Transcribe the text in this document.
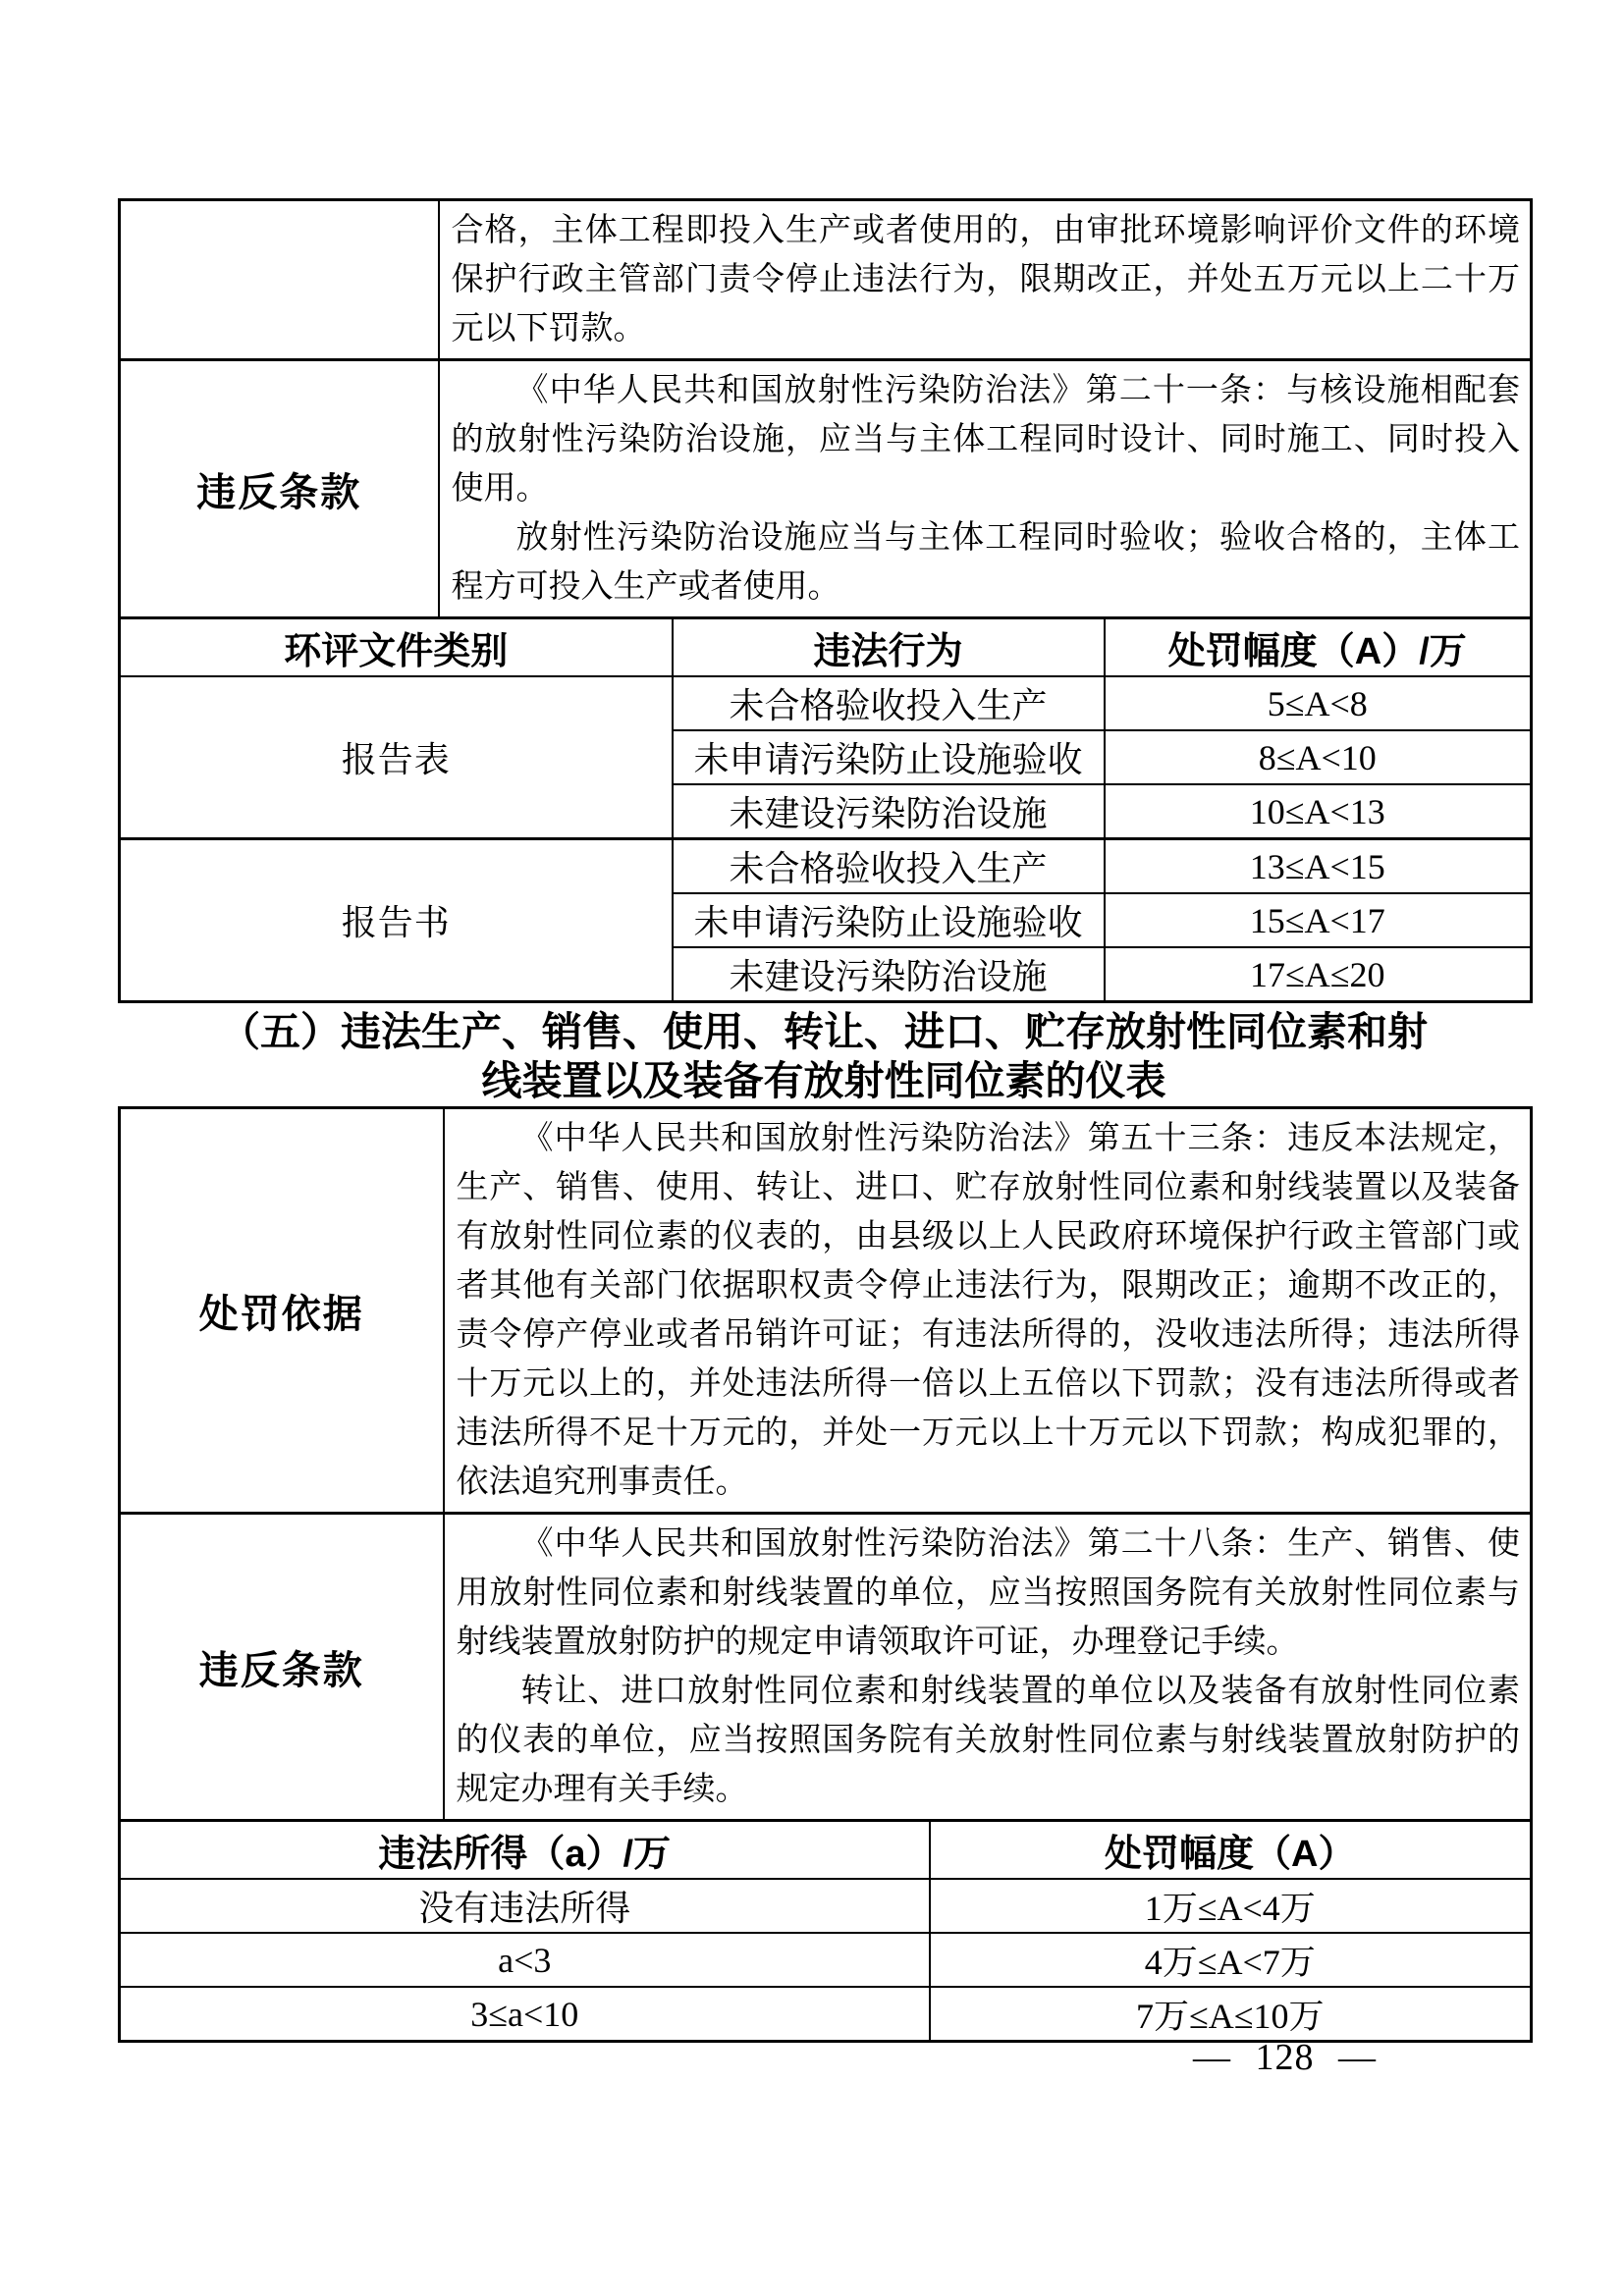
	合格，主体工程即投入生产或者使用的，由审批环境影响评价文件的环境保护行政主管部门责令停止违法行为，限期改正，并处五万元以上二十万元以下罚款。		

违反条款	《中华人民共和国放射性污染防治法》第二十一条：与核设施相配套的放射性污染防治设施，应当与主体工程同时设计、同时施工、同时投入使用。

放射性污染防治设施应当与主体工程同时验收；验收合格的，主体工程方可投入生产或者使用。		

环评文件类别		违法行为	处罚幅度（A）/万
报告表		未合格验收投入生产	5≤A<8
		未申请污染防止设施验收	8≤A<10
		未建设污染防治设施	10≤A<13
报告书		未合格验收投入生产	13≤A<15
		未申请污染防止设施验收	15≤A<17
		未建设污染防治设施	17≤A≤20
（五）违法生产、销售、使用、转让、进口、贮存放射性同位素和射
线装置以及装备有放射性同位素的仪表
处罚依据	《中华人民共和国放射性污染防治法》第五十三条：违反本法规定，生产、销售、使用、转让、进口、贮存放射性同位素和射线装置以及装备有放射性同位素的仪表的，由县级以上人民政府环境保护行政主管部门或者其他有关部门依据职权责令停止违法行为，限期改正；逾期不改正的，责令停产停业或者吊销许可证；有违法所得的，没收违法所得；违法所得十万元以上的，并处违法所得一倍以上五倍以下罚款；没有违法所得或者违法所得不足十万元的，并处一万元以上十万元以下罚款；构成犯罪的，依法追究刑事责任。	

违反条款	《中华人民共和国放射性污染防治法》第二十八条：生产、销售、使用放射性同位素和射线装置的单位，应当按照国务院有关放射性同位素与射线装置放射防护的规定申请领取许可证，办理登记手续。

转让、进口放射性同位素和射线装置的单位以及装备有放射性同位素的仪表的单位，应当按照国务院有关放射性同位素与射线装置放射防护的规定办理有关手续。	

违法所得（a）/万		处罚幅度（A）
没有违法所得		1万≤A<4万
a<3		4万≤A<7万
3≤a<10		7万≤A≤10万
— 128 —
